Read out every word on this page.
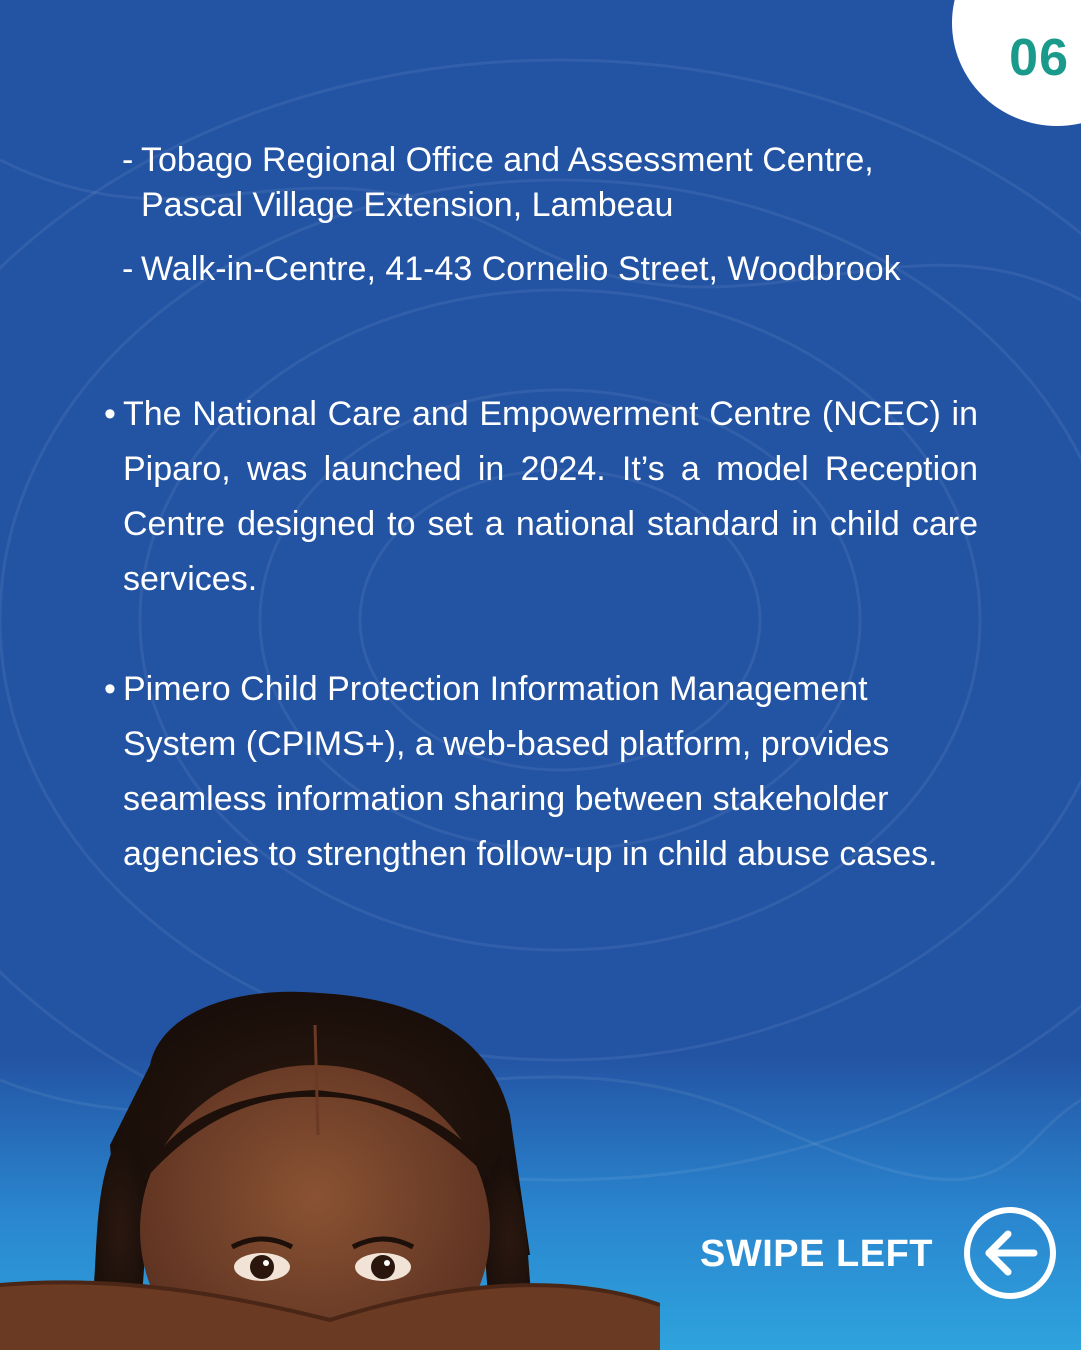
06
- Tobago Regional Office and Assessment Centre, Pascal Village Extension, Lambeau
- Walk-in-Centre, 41-43 Cornelio Street, Woodbrook
• The National Care and Empowerment Centre (NCEC) in Piparo, was launched in 2024. It’s a model Reception Centre designed to set a national standard in child care services.
• Pimero Child Protection Information Management System (CPIMS+), a web-based platform, provides seamless information sharing between stakeholder agencies to strengthen follow-up in child abuse cases.
SWIPE LEFT
